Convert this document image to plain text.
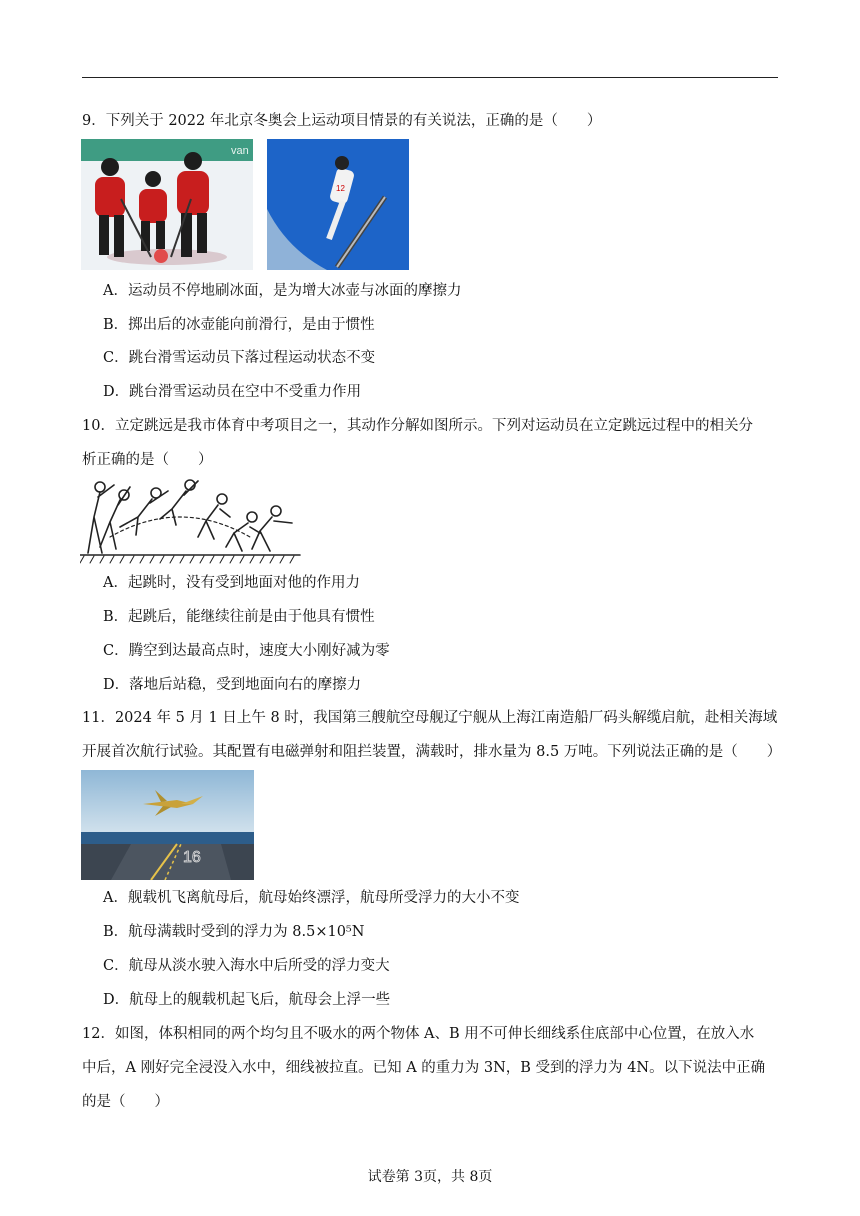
9．下列关于 2022 年北京冬奥会上运动项目情景的有关说法，正确的是（　　）
van
12
A．运动员不停地刷冰面，是为增大冰壶与冰面的摩擦力
B．掷出后的冰壶能向前滑行，是由于惯性
C．跳台滑雪运动员下落过程运动状态不变
D．跳台滑雪运动员在空中不受重力作用
10．立定跳远是我市体育中考项目之一，其动作分解如图所示。下列对运动员在立定跳远过程中的相关分
析正确的是（　　）
A．起跳时，没有受到地面对他的作用力
B．起跳后，能继续往前是由于他具有惯性
C．腾空到达最高点时，速度大小刚好减为零
D．落地后站稳，受到地面向右的摩擦力
11．2024 年 5 月 1 日上午 8 时，我国第三艘航空母舰辽宁舰从上海江南造船厂码头解缆启航，赴相关海域
开展首次航行试验。其配置有电磁弹射和阻拦装置，满载时，排水量为 8.5 万吨。下列说法正确的是（　　）
16
A．舰载机飞离航母后，航母始终漂浮，航母所受浮力的大小不变
B．航母满载时受到的浮力为 8.5×10⁵N
C．航母从淡水驶入海水中后所受的浮力变大
D．航母上的舰载机起飞后，航母会上浮一些
12．如图，体积相同的两个均匀且不吸水的两个物体 A、B 用不可伸长细线系住底部中心位置，在放入水
中后，A 刚好完全浸没入水中，细线被拉直。已知 A 的重力为 3N，B 受到的浮力为 4N。以下说法中正确
的是（　　）
试卷第 3页，共 8页
